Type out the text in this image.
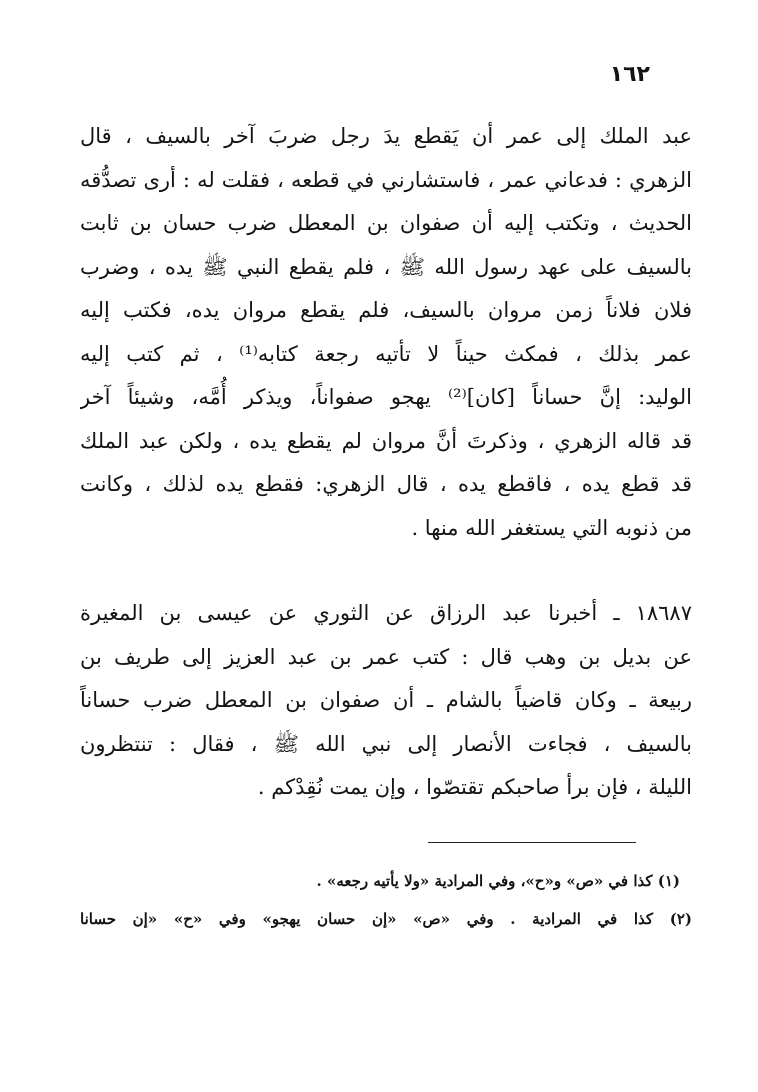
١٦٢
عبد الملك إلى عمر أن يَقطع يدَ رجل ضربَ آخر بالسيف ، قال
الزهري : فدعاني عمر ، فاستشارني في قطعه ، فقلت له : أرى تصدُّقه
الحديث ، وتكتب إليه أن صفوان بن المعطل ضرب حسان بن ثابت
بالسيف على عهد رسول الله ﷺ ، فلم يقطع النبي ﷺ يده ، وضرب
فلان فلاناً زمن مروان بالسيف، فلم يقطع مروان يده، فكتب إليه
عمر بذلك ، فمكث حيناً لا تأتيه رجعة كتابه⁽¹⁾ ، ثم كتب إليه
الوليد: إنَّ حساناً [كان]⁽²⁾ يهجو صفواناً، ويذكر أُمَّه، وشيئاً آخر
قد قاله الزهري ، وذكرتَ أنَّ مروان لم يقطع يده ، ولكن عبد الملك
قد قطع يده ، فاقطع يده ، قال الزهري: فقطع يده لذلك ، وكانت
من ذنوبه التي يستغفر الله منها .
١٨٦٨٧ ـ أخبرنا عبد الرزاق عن الثوري عن عيسى بن المغيرة
عن بديل بن وهب قال : كتب عمر بن عبد العزيز إلى طريف بن
ربيعة ـ وكان قاضياً بالشام ـ أن صفوان بن المعطل ضرب حساناً
بالسيف ، فجاءت الأنصار إلى نبي الله ﷺ ، فقال : تنتظرون
الليلة ، فإن برأ صاحبكم تقتصّوا ، وإن يمت نُقِدْكم .
(١) كذا في «ص» و«ح»، وفي المرادية «ولا يأتيه رجعه» .
(٢) كذا في المرادية . وفي «ص» «إن حسان يهجو» وفي «ح» «إن حسانا
